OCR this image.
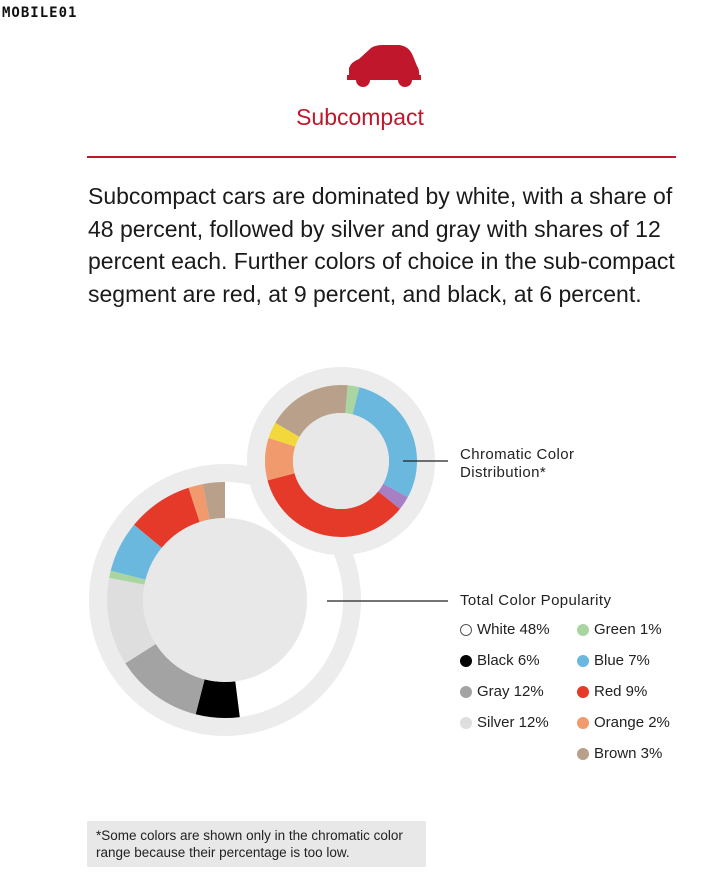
MOBILE01
Subcompact
Subcompact cars are dominated by white, with a share of 48 percent, followed by silver and gray with shares of 12 percent each. Further colors of choice in the sub-compact segment are red, at 9 percent, and black, at 6 percent.
Chromatic Color Distribution*
Total Color Popularity
White 48%	Green 1%
Black 6%	Blue 7%
Gray 12%	Red 9%
Silver 12%	Orange 2%
Brown 3%
*Some colors are shown only in the chromatic color range because their percentage is too low.
